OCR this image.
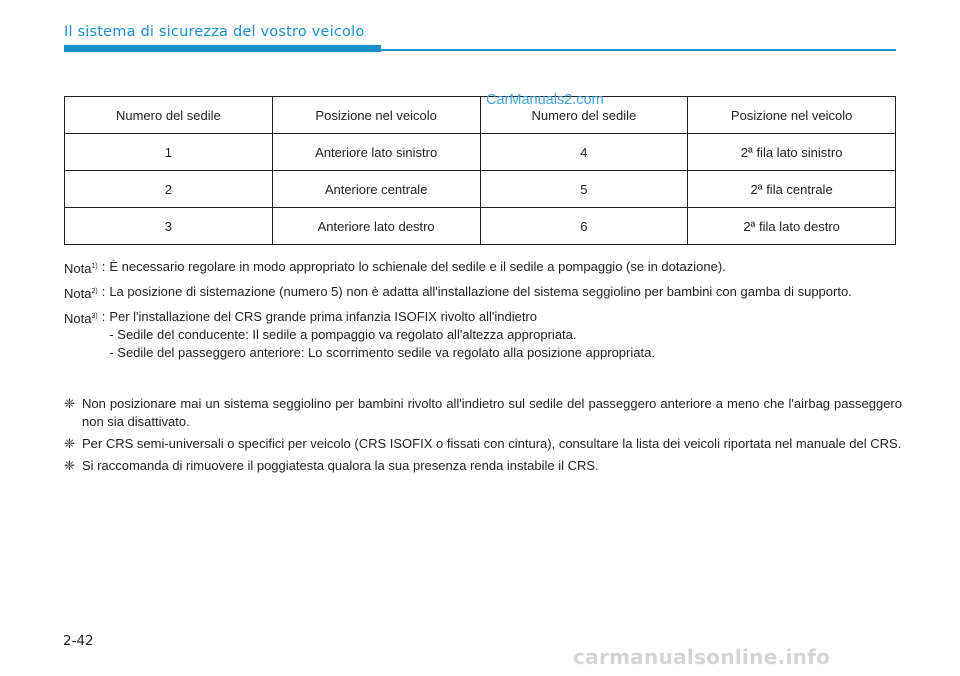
Il sistema di sicurezza del vostro veicolo
Numero del sedile	Posizione nel veicolo	Numero del sedile	Posizione nel veicolo
1	Anteriore lato sinistro	4	2ª fila lato sinistro
2	Anteriore centrale	5	2ª fila centrale
3	Anteriore lato destro	6	2ª fila lato destro
CarManuals2.com
Nota$^{1)}$ : È necessario regolare in modo appropriato lo schienale del sedile e il sedile a pompaggio (se in dotazione).
Nota$^{2)}$ : La posizione di sistemazione (numero 5) non è adatta all'installazione del sistema seggiolino per bambini con gamba di supporto.
Nota$^{3)}$ : Per l'installazione del CRS grande prima infanzia ISOFIX rivolto all'indietro
- Sedile del conducente: Il sedile a pompaggio va regolato all'altezza appropriata.
- Sedile del passeggero anteriore: Lo scorrimento sedile va regolato alla posizione appropriata.
❈ Non posizionare mai un sistema seggiolino per bambini rivolto all'indietro sul sedile del passeggero anteriore a meno che l'airbag passeggero non sia disattivato.
❈ Per CRS semi-universali o specifici per veicolo (CRS ISOFIX o fissati con cintura), consultare la lista dei veicoli riportata nel manuale del CRS.
❈ Si raccomanda di rimuovere il poggiatesta qualora la sua presenza renda instabile il CRS.
2-42
carmanualsonline.info
